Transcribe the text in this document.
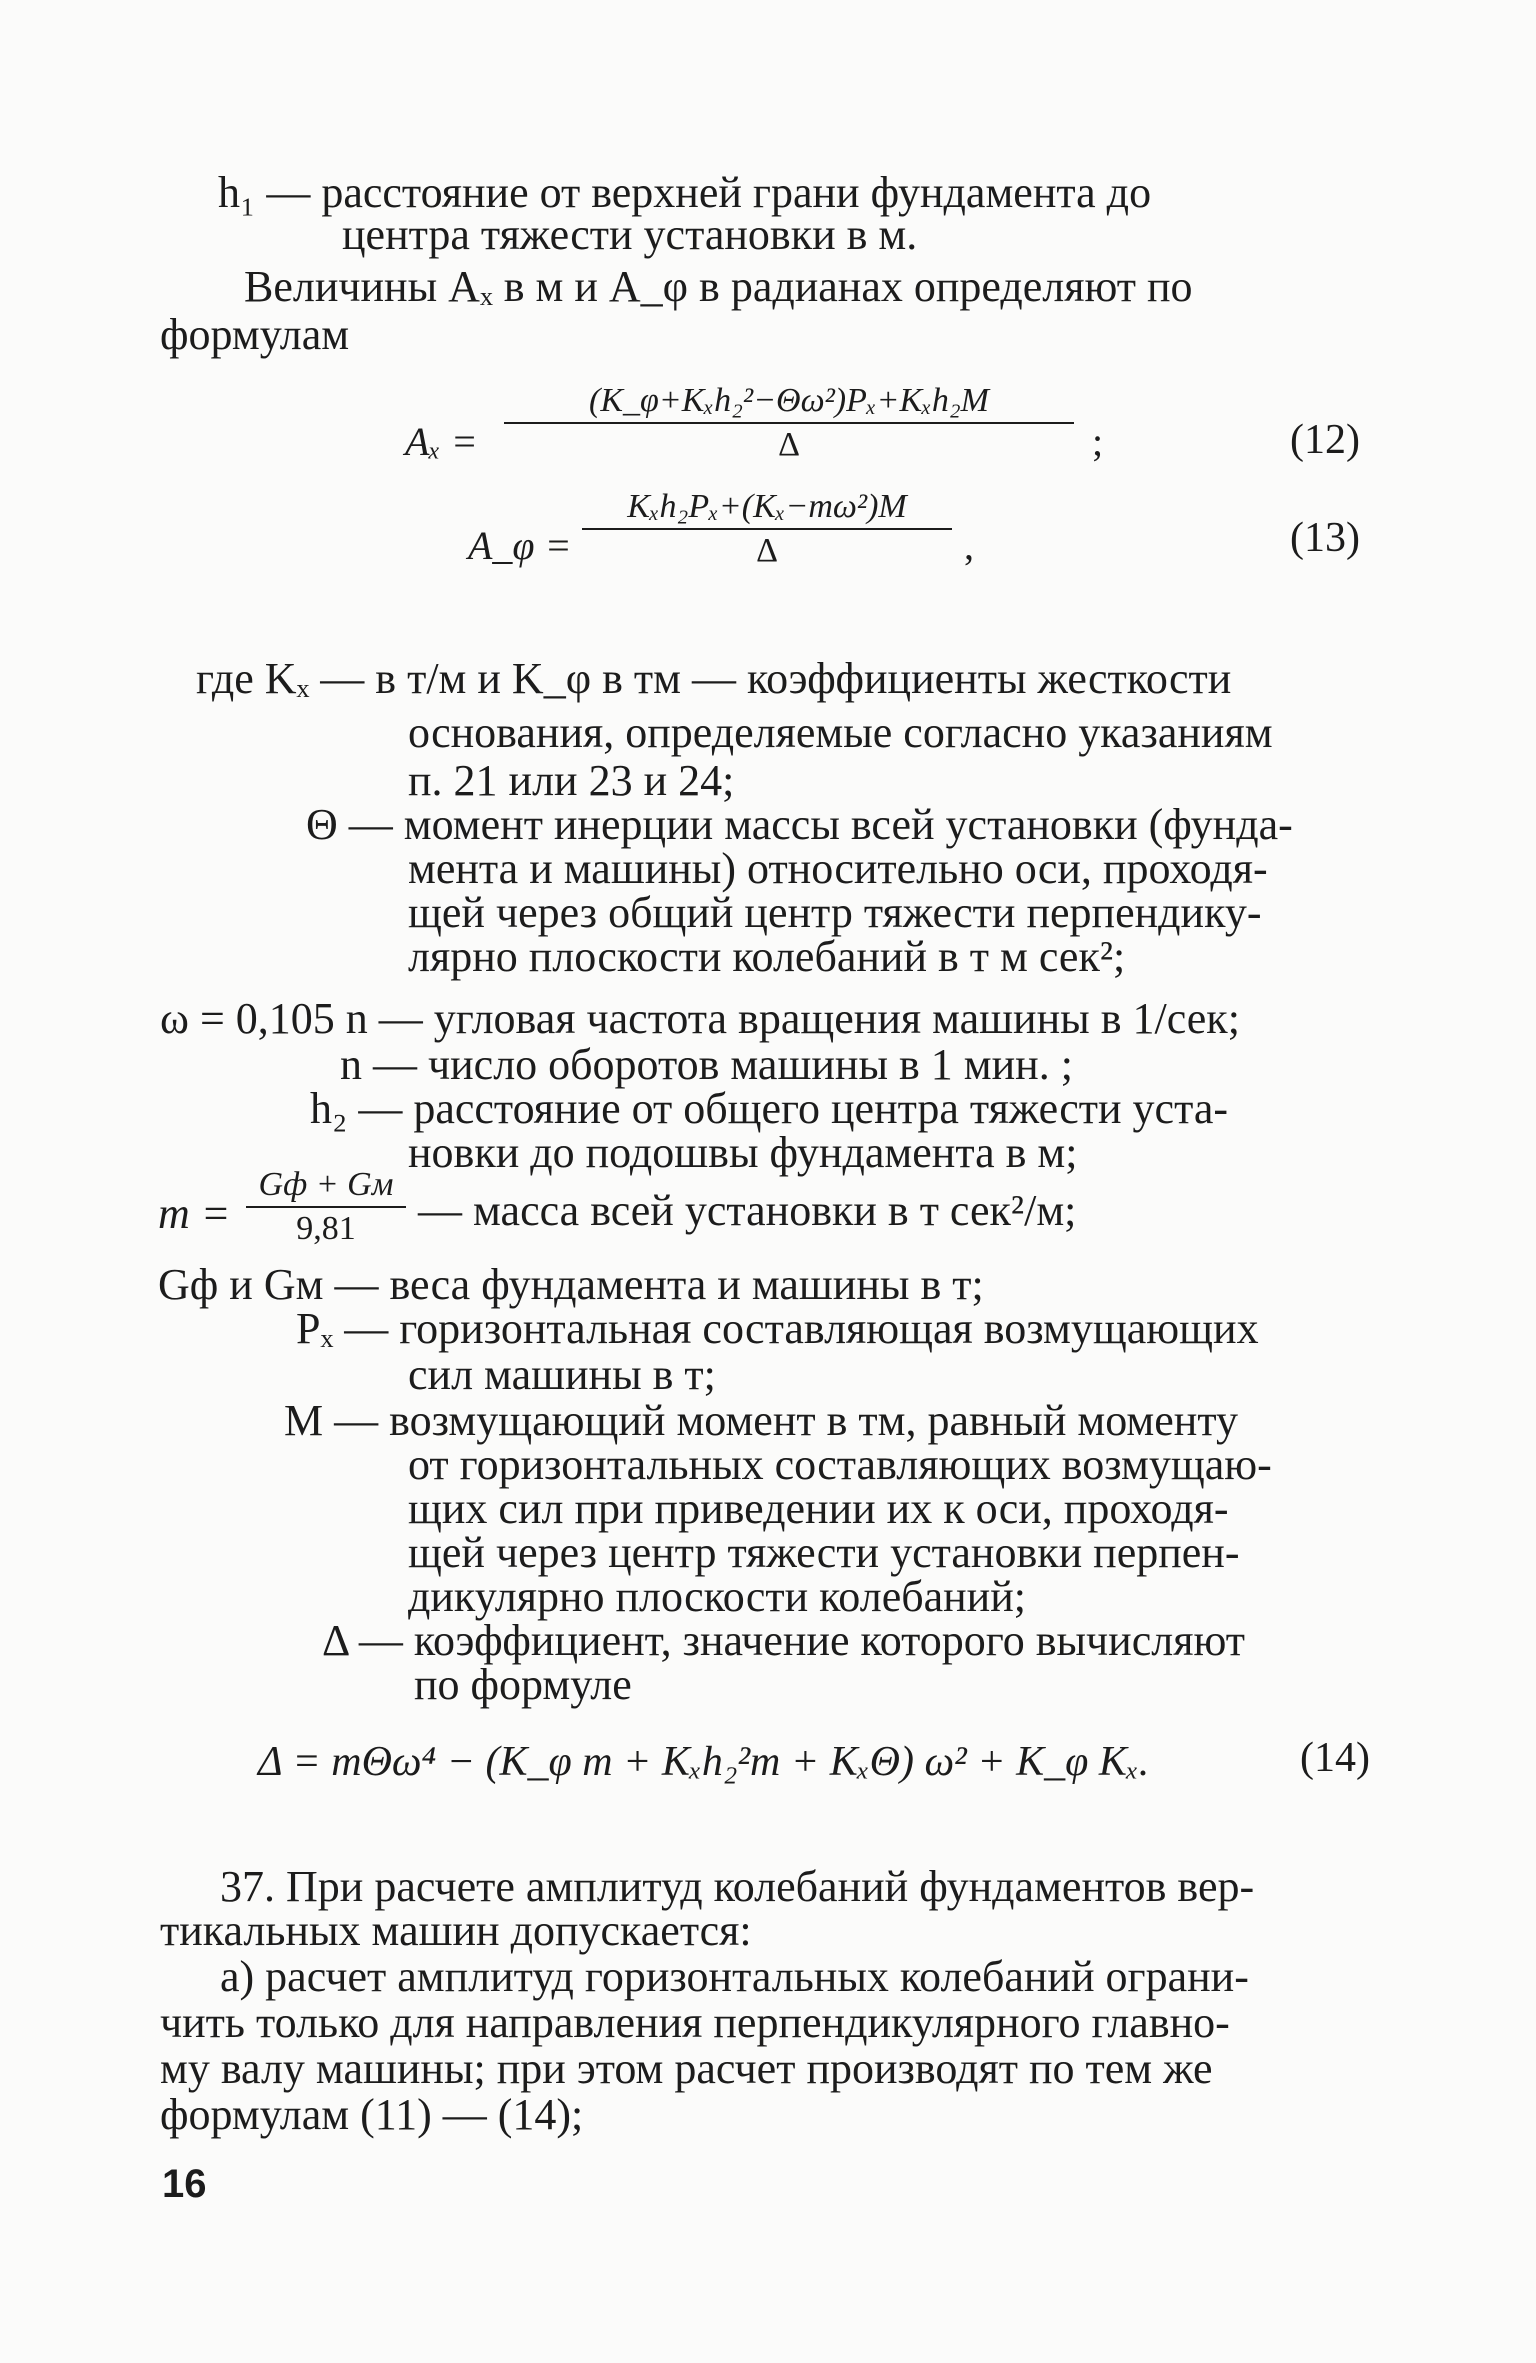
h₁ — расстояние от верхней грани фундамента до
центра тяжести установки в м.
Величины Aₓ в м и A_φ в радианах определяют по
формулам
Aₓ =
(K_φ+Kₓh₂²−Θω²)Pₓ+Kₓh₂M
Δ	;	(12)
A_φ =
Kₓh₂Pₓ+(Kₓ−mω²)M
Δ	,	(13)
где Kₓ — в т/м и K_φ в тм — коэффициенты жесткости
основания, определяемые согласно указаниям
п. 21 или 23 и 24;
Θ — момент инерции массы всей установки (фунда-
мента и машины) относительно оси, проходя-
щей через общий центр тяжести перпендику-
лярно плоскости колебаний в т м сек²;
ω = 0,105 n — угловая частота вращения машины в 1/сек;
n — число оборотов машины в 1 мин. ;
h₂ — расстояние от общего центра тяжести уста-
новки до подошвы фундамента в м;
m =
Gф + Gм
9,81	— масса всей установки в т сек²/м;
Gф и Gм — веса фундамента и машины в т;
Pₓ — горизонтальная составляющая возмущающих
сил машины в т;
M — возмущающий момент в тм, равный моменту
от горизонтальных составляющих возмущаю-
щих сил при приведении их к оси, проходя-
щей через центр тяжести установки перпен-
дикулярно плоскости колебаний;
Δ — коэффициент, значение которого вычисляют
по формуле
Δ = mΘω⁴ − (K_φ m + Kₓh₂²m + KₓΘ) ω² + K_φ Kₓ.	(14)
37. При расчете амплитуд колебаний фундаментов вер-
тикальных машин допускается:
а) расчет амплитуд горизонтальных колебаний ограни-
чить только для направления перпендикулярного главно-
му валу машины; при этом расчет производят по тем же
формулам (11) — (14);
16
